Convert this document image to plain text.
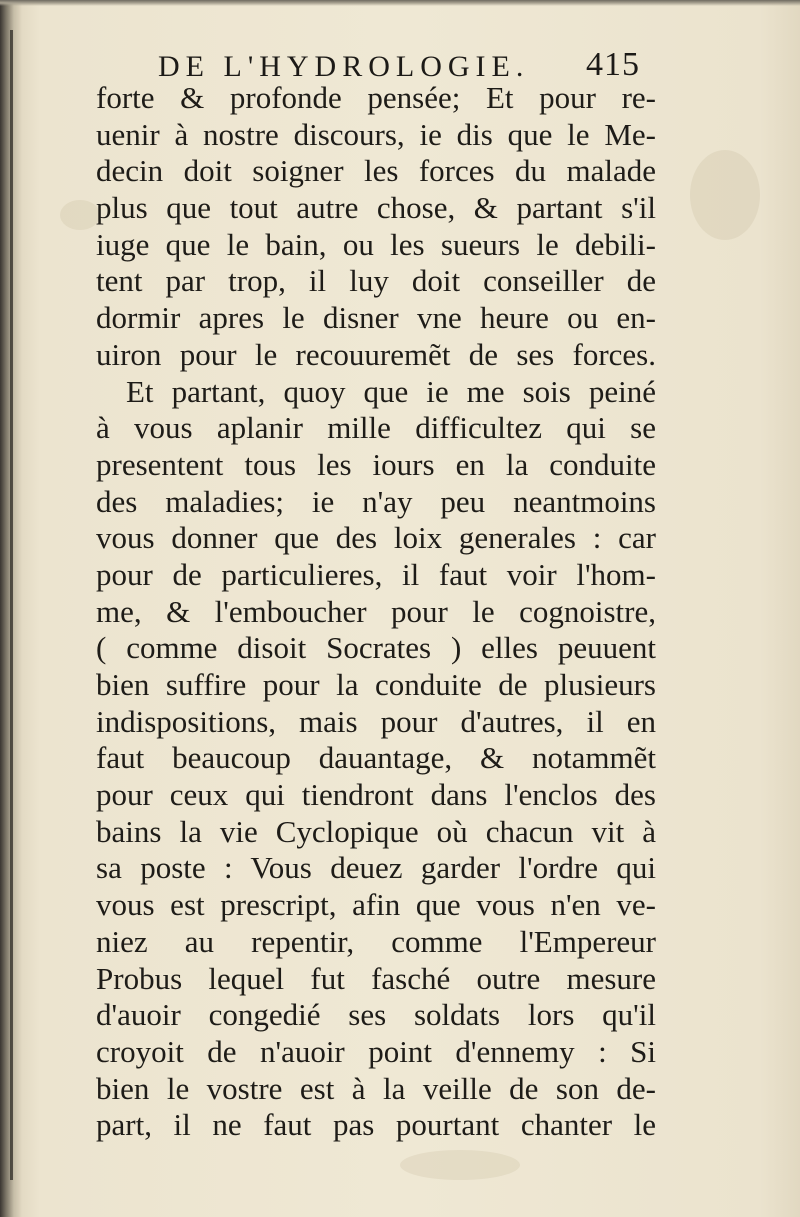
DE L'HYDROLOGIE. 415
forte & profonde pensée; Et pour re-
uenir à nostre discours, ie dis que le Me-
decin doit soigner les forces du malade
plus que tout autre chose, & partant s'il
iuge que le bain, ou les sueurs le debili-
tent par trop, il luy doit conseiller de
dormir apres le disner vne heure ou en-
uiron pour le recouuremẽt de ses forces.
Et partant, quoy que ie me sois peiné
à vous aplanir mille difficultez qui se
presentent tous les iours en la conduite
des maladies; ie n'ay peu neantmoins
vous donner que des loix generales : car
pour de particulieres, il faut voir l'hom-
me, & l'emboucher pour le cognoistre,
( comme disoit Socrates ) elles peuuent
bien suffire pour la conduite de plusieurs
indispositions, mais pour d'autres, il en
faut beaucoup dauantage, & notammẽt
pour ceux qui tiendront dans l'enclos des
bains la vie Cyclopique où chacun vit à
sa poste : Vous deuez garder l'ordre qui
vous est prescript, afin que vous n'en ve-
niez au repentir, comme l'Empereur
Probus lequel fut fasché outre mesure
d'auoir congedié ses soldats lors qu'il
croyoit de n'auoir point d'ennemy : Si
bien le vostre est à la veille de son de-
part, il ne faut pas pourtant chanter le
